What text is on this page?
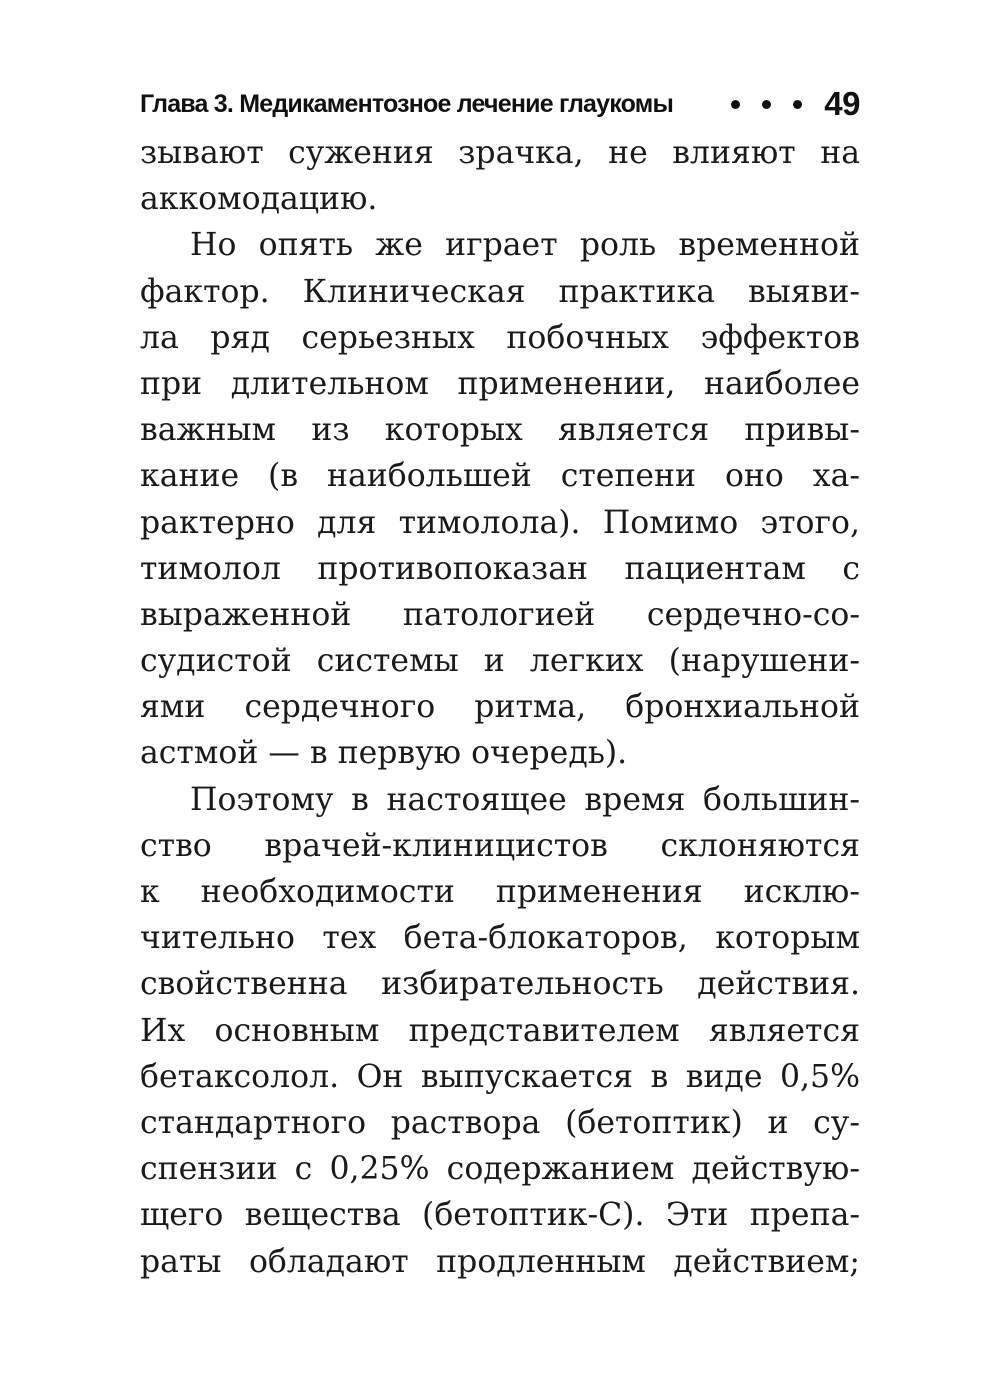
Глава 3. Медикаментозное лечение глаукомы	49
зывают сужения зрачка, не влияют на
аккомодацию.
Но опять же играет роль временной
фактор. Клиническая практика выяви-
ла ряд серьезных побочных эффектов
при длительном применении, наиболее
важным из которых является привы-
кание (в наибольшей степени оно ха-
рактерно для тимолола). Помимо этого,
тимолол противопоказан пациентам с
выраженной патологией сердечно-со-
судистой системы и легких (нарушени-
ями сердечного ритма, бронхиальной
астмой — в первую очередь).
Поэтому в настоящее время большин-
ство врачей-клиницистов склоняются
к необходимости применения исклю-
чительно тех бета-блокаторов, которым
свойственна избирательность действия.
Их основным представителем является
бетаксолол. Он выпускается в виде 0,5%
стандартного раствора (бетоптик) и су-
спензии с 0,25% содержанием действую-
щего вещества (бетоптик-С). Эти препа-
раты обладают продленным действием;
